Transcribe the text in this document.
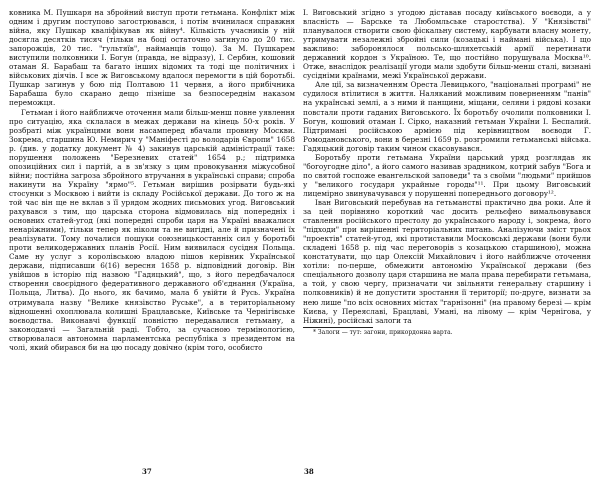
ковника М. Пушкаря на збройний виступ проти гетьмана. Конфлікт між одним і другим поступово загострювався, і потім вчинилася справжня війна, яку Пушкар кваліфікував як війну⁴. Кількість учасників у ній досягла десятків тисяч (тільки на боці остаточно загинуло до 20 тис. запорожців, 20 тис. "гультяїв", найманців тощо). За М. Пушкарем виступили полковники І. Богун (правда, не відразу), І. Сербин, кошовий отаман Я. Барабаш та багато інших відомих та тоді ще політичних і військових діячів. І все ж Виговському вдалося перемогти в цій боротьбі. Пушкар загинув у бою під Полтавою 11 червня, а його прибічника Барабаша було скарано дещо пізніше за безпосереднім наказом переможця.

Гетьман і його найближче оточення мали більш-менш повне уявлення про ситуацію, яка склалася в межах держави на кінець 50-х років. У розбраті між українцями вони насамперед вбачали провину Москви. Зокрема, старшина Ю. Немирич у "Маніфесті до володарів Європи" 1658 р. (див. у додатку документ № 4) закинув царській адміністрації таке: порушення положень "Березневих статей" 1654 р.; підтримка опозиційних сил і партій, а в зв'язку з цим провокування міжусобної війни; постійна загроза збройного втручання в українські справи; спроба накинути на Україну "ярмо"⁵. Гетьман вирішив розірвати будь-які стосунки з Москвою і вийти із складу Російської держави. До того ж на той час він ще не вклав з її урядом жодних письмових угод. Виговський рахувався з тим, що царська сторона відмовилась від попередніх і основних статей-угод (які попередні спроби царя на Україні вважалися ненаріжними), тільки тепер як ніколи та не вигідні, але й призначені їх реалізувати. Тому почалися пошуки союзницькостанніх сил у боротьбі проти великодержавних планів Росії. Ним виявилася сусідня Польща. Саме ну услуг з королівською владою пішов керівник Української держави, підписавши 6(16) вересня 1658 р. відповідний договір. Він увійшов в історію під назвою "Гадяцький", що, з його передбачалося створення своєрідного федеративного державного об'єднання (Україна, Польща, Литва). До нього, як бачимо, мала б увійти й Русь. Україна отримувала назву "Велике князівство Руське", а в територіальному відношенні охоплювала колишні Брацлавське, Київське та Чернігівське воєводства. Виконавчі функції повністю передавалися гетьману, а законодавчі — Загальній раді. Тобто, за сучасною термінологією, створювалася автономна парламентська республіка з президентом на чолі, який обирався би на цю посаду довічно (крім того, особисто

37

І. Виговський згідно з угодою діставав посаду київського воєводи, а у власність — Барське та Любомльське старостства). У "Князівстві" планувалося створити свою фіскальну систему, карбувати власну монету, утримувати незалежні збройні сили (козацькі і наймані війська). І що важливо: заборонялося польсько-шляхетській армії перетинати державний кордон з Україною. Те, що постійно порушувала Москва¹⁰. Отже, внаслідок реалізації угоди мали здобути більш-менш сталі, визнані сусідніми країнами, межі Української держави.

Але ції, за визначенням Ореста Левицького, "національні програмі" не судилося втілитися в життя. Наляканий можливим поверненням "панів" на українські землі, а з ними й панщини, міщани, селяни і рядові козаки повстали проти гаданих Виговського. Їх боротьбу очолили полковники І. Богун, кошовий отаман І. Сірко, наказний гетьман України І. Беспалий. Підтримані російською армією під керівництвом воєводи Г. Ромодановського, вони в березні 1659 р. розгромили гетьманські війська. Гадяцький договір таким чином скасовувався.

Боротьбу проти гетьмана України царський уряд розглядав як "богоугодне діло", а його самого називав зрадником, котрий забув "Бога и по святой госпоже евангельской заповеди" та з своїми "людьми" прийшов у "великого государя украйные городы"¹¹. При цьому Виговський лицемірно звинувачувався у порушенні попереднього договору¹².

Іван Виговський перебував на гетьманстві практично два роки. Але й за цей порівняно короткий час досить рельєфно вимальовувався ставлення російського престолу до українського народу і, зокрема, його "підходи" при вирішенні територіальних питань. Аналізуючи зміст трьох "проектів" статей-угод, які протиставили Московські держави (вони були складені 1658 р. під час переговорів з козацькою старшиною), можна констатувати, що цар Олексій Михайлович і його найближче оточення хотіли: по-перше, обмежити автономію Української держави (без спеціального дозволу царя старшина не мала права перебирати гетьмана, а той, у свою чергу, призначати чи звільняти генеральну старшину і полковників) й не допустити зростання її території; по-друге, визнати за нею лише "по всіх основних містах "гарнізонні" (на правому березі — крім Києва, у Переяславі, Брацлаві, Умані, на лівому — крім Чернігова, у Ніжині), російські залоги та

* Залоги — тут: загони, прикордонна варта.
38
